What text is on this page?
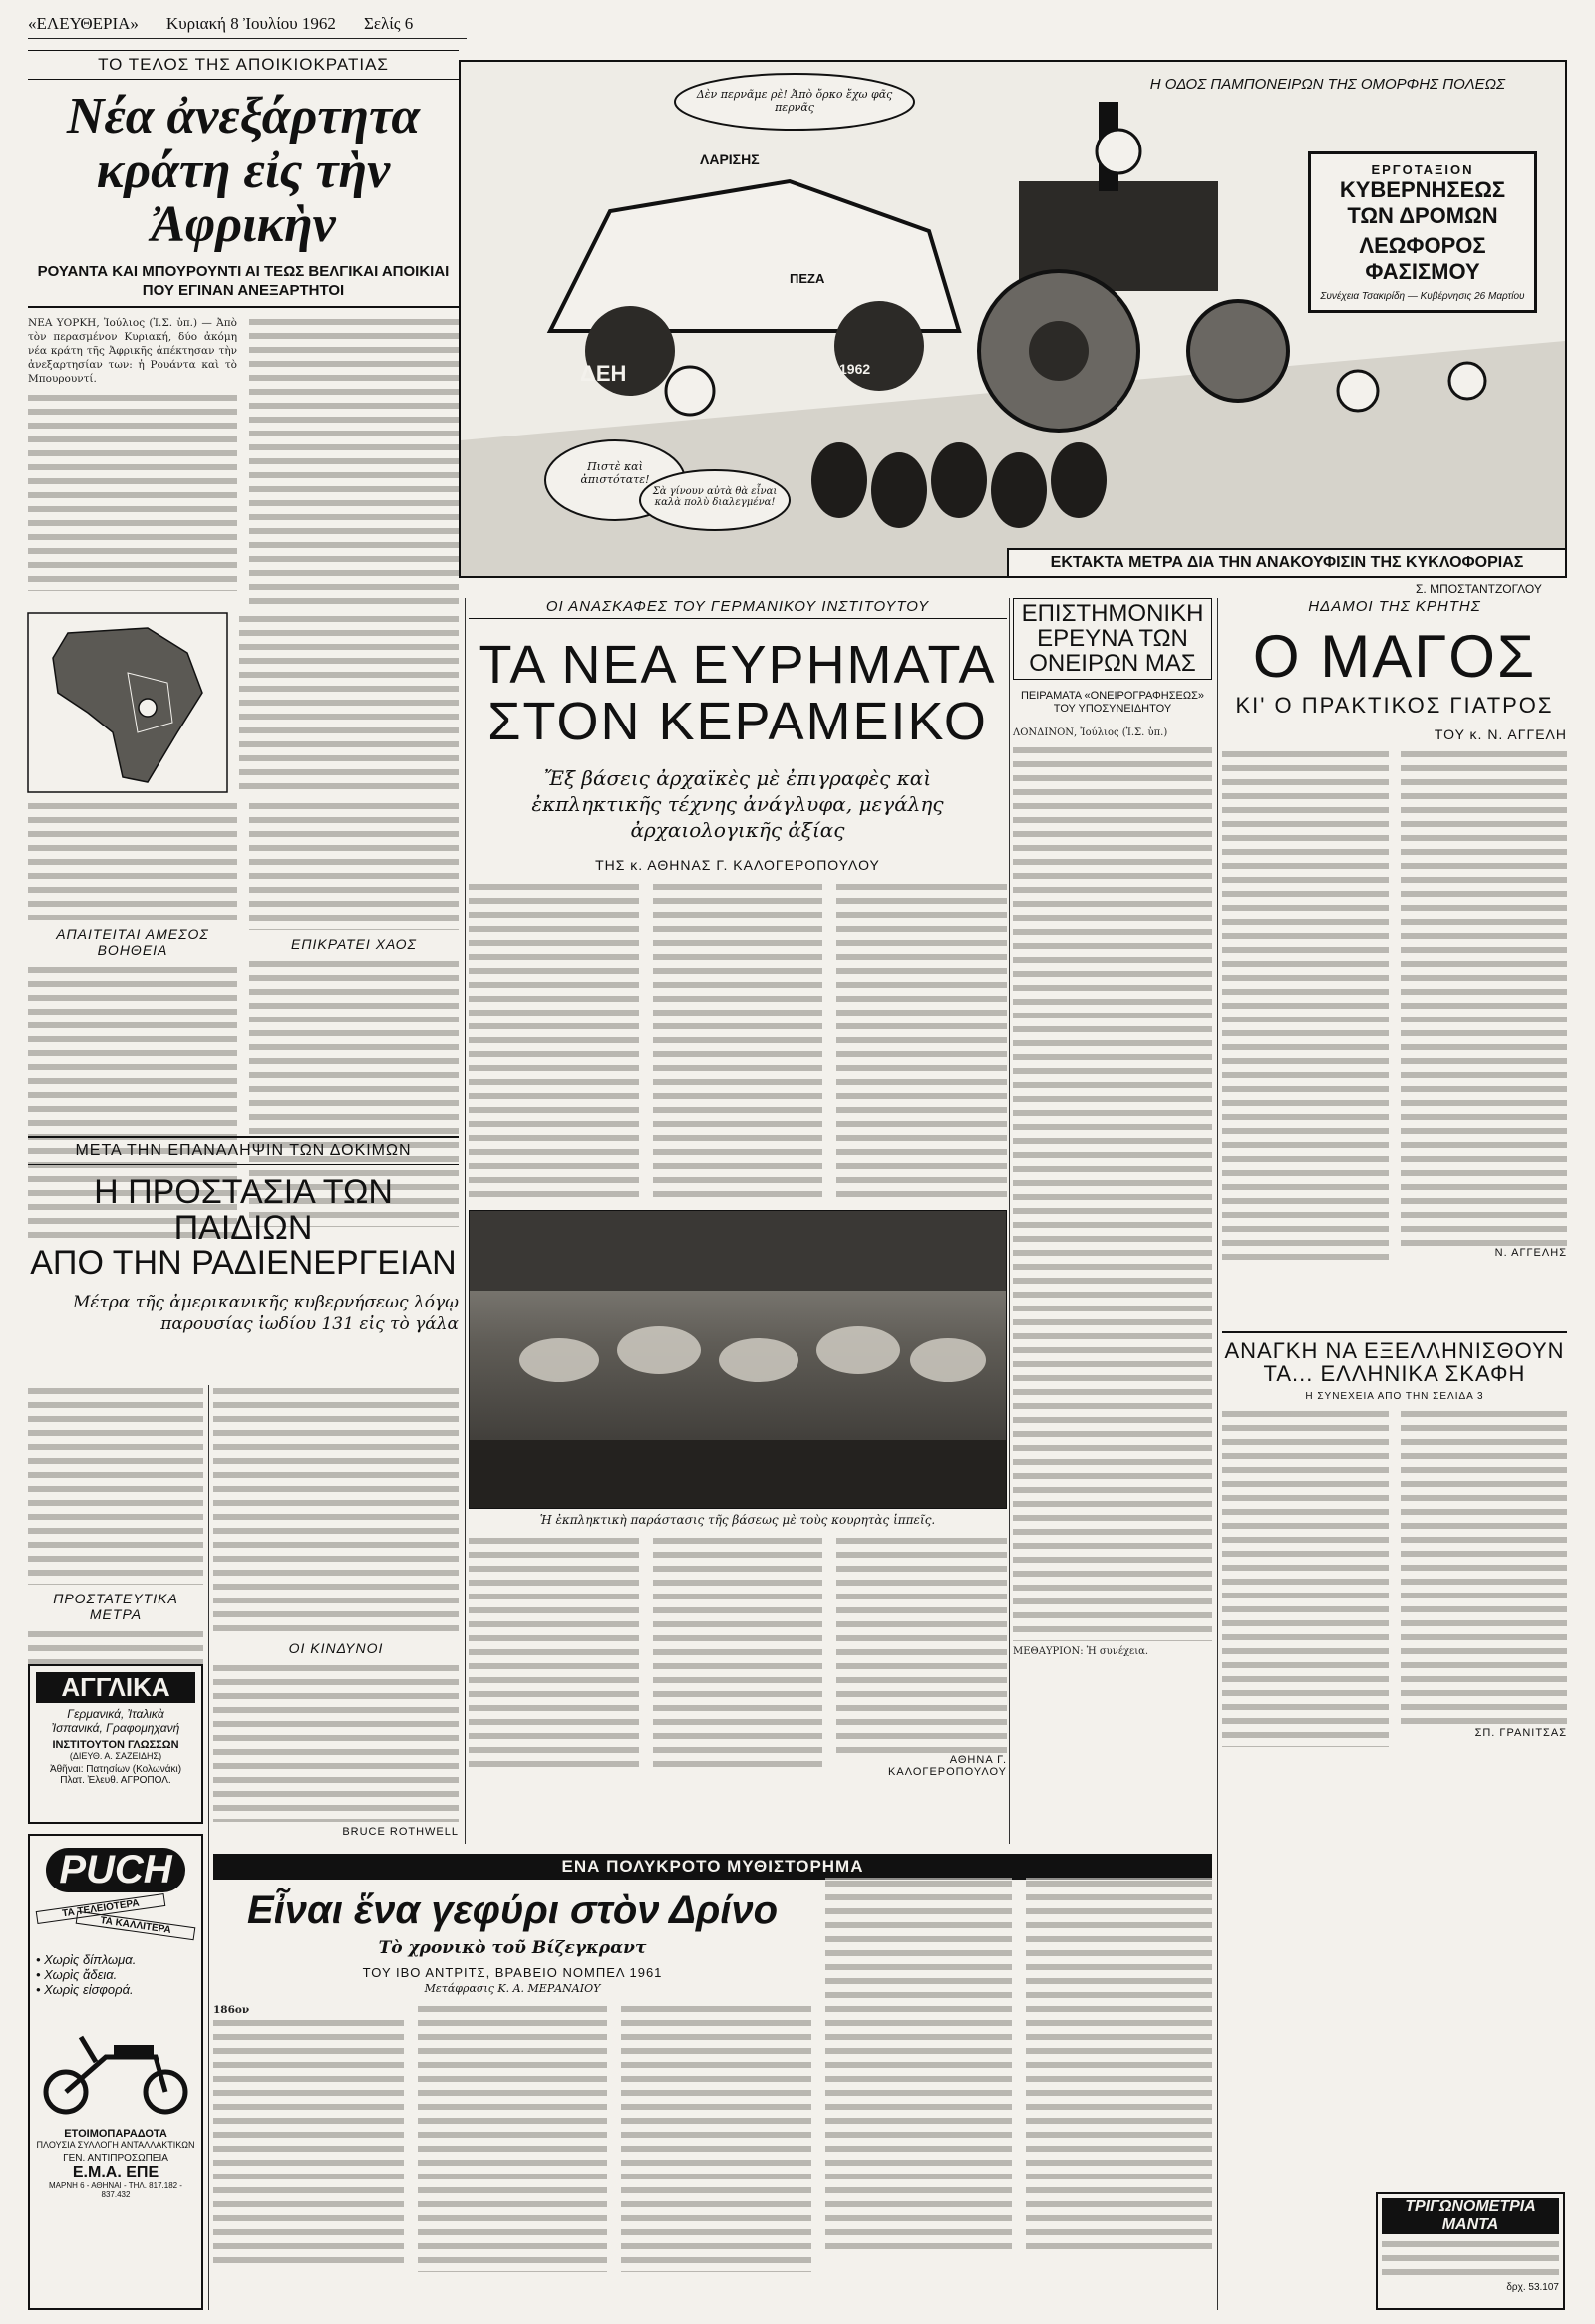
«ΕΛΕΥΘΕΡΙΑ» Κυριακή 8 Ἰουλίου 1962 Σελίς 6
ΤΟ ΤΕΛΟΣ ΤΗΣ ΑΠΟΙΚΙΟΚΡΑΤΙΑΣ
Νέα ἀνεξάρτητα κράτη εἰς τὴν Ἀφρικὴν
ΡΟΥΑΝΤΑ ΚΑΙ ΜΠΟΥΡΟΥΝΤΙ ΑΙ ΤΕΩΣ ΒΕΛΓΙΚΑΙ ΑΠΟΙΚΙΑΙ ΠΟΥ ΕΓΙΝΑΝ ΑΝΕΞΑΡΤΗΤΟΙ
ΝΕΑ ΥΟΡΚΗ, Ἰούλιος (Ἰ.Σ. ὑπ.) — Ἀπὸ τὸν περασμένον Κυριακή, δύο ἀκόμη νέα κράτη τῆς Ἀφρικῆς ἀπέκτησαν τὴν ἀνεξαρτησίαν των: ἡ Ρουάντα καὶ τὸ Μπουρουντί.
ΑΠΑΙΤΕΙΤΑΙ ΑΜΕΣΟΣ ΒΟΗΘΕΙΑ	ΕΠΙΚΡΑΤΕΙ ΧΑΟΣ
Η ΟΔΟΣ ΠΑΜΠΟΝΕΙΡΩΝ ΤΗΣ ΟΜΟΡΦΗΣ ΠΟΛΕΩΣ
Δὲν περνᾶμε ρὲ! Ἀπὸ ὄρκο ἔχω φᾶς περνᾶς
Πιστὲ καὶ ἀπιστότατε!
Σὰ γίνουν αὐτὰ θὰ εἶναι καλὰ πολὺ διαλεγμένα!
ΛΑΡΙΣΗΣ
ΔΕΗ
ΠΕΖΑ
1962
ΕΡΓΟΤΑΞΙΟΝ
ΚΥΒΕΡΝΗΣΕΩΣ
ΤΩΝ ΔΡΟΜΩΝ
ΛΕΩΦΟΡΟΣ
ΦΑΣΙΣΜΟΥ
Συνέχεια Τσακιρίδη — Κυβέρνησις 26 Μαρτίου
ΕΚΤΑΚΤΑ ΜΕΤΡΑ ΔΙΑ ΤΗΝ ΑΝΑΚΟΥΦΙΣΙΝ ΤΗΣ ΚΥΚΛΟΦΟΡΙΑΣ
Σ. ΜΠΟΣΤΑΝΤΖΟΓΛΟΥ
ΟΙ ΑΝΑΣΚΑΦΕΣ ΤΟΥ ΓΕΡΜΑΝΙΚΟΥ ΙΝΣΤΙΤΟΥΤΟΥ
ΤΑ ΝΕΑ ΕΥΡΗΜΑΤΑ
ΣΤΟΝ ΚΕΡΑΜΕΙΚΟ
Ἔξ βάσεις ἀρχαϊκὲς μὲ ἐπιγραφὲς καὶ ἐκπληκτικῆς τέχνης ἀνάγλυφα, μεγάλης ἀρχαιολογικῆς ἀξίας
ΤΗΣ κ. ΑΘΗΝΑΣ Γ. ΚΑΛΟΓΕΡΟΠΟΥΛΟΥ
Ἡ ἐκπληκτικὴ παράστασις τῆς βάσεως μὲ τοὺς κουρητὰς ἱππεῖς.
ΑΘΗΝΑ Γ. ΚΑΛΟΓΕΡΟΠΟΥΛΟΥ
ΕΠΙΣΤΗΜΟΝΙΚΗ ΕΡΕΥΝΑ ΤΩΝ ΟΝΕΙΡΩΝ ΜΑΣ
ΠΕΙΡΑΜΑΤΑ «ΟΝΕΙΡΟΓΡΑΦΗΣΕΩΣ» ΤΟΥ ΥΠΟΣΥΝΕΙΔΗΤΟΥ
ΛΟΝΔΙΝΟΝ, Ἰούλιος (Ἰ.Σ. ὑπ.)
ΜΕΘΑΥΡΙΟΝ: Ἡ συνέχεια.
ΗΔΑΜΟΙ ΤΗΣ ΚΡΗΤΗΣ
Ο ΜΑΓΟΣ
ΚΙ' Ο ΠΡΑΚΤΙΚΟΣ ΓΙΑΤΡΟΣ
ΤΟΥ κ. Ν. ΑΓΓΕΛΗ
Ν. ΑΓΓΕΛΗΣ
ΑΝΑΓΚΗ ΝΑ ΕΞΕΛΛΗΝΙΣΘΟΥΝ ΤΑ... ΕΛΛΗΝΙΚΑ ΣΚΑΦΗ
Η ΣΥΝΕΧΕΙΑ ΑΠΟ ΤΗΝ ΣΕΛΙΔΑ 3
ΣΠ. ΓΡΑΝΙΤΣΑΣ
ΜΕΤΑ ΤΗΝ ΕΠΑΝΑΛΗΨΙΝ ΤΩΝ ΔΟΚΙΜΩΝ
Η ΠΡΟΣΤΑΣΙΑ ΤΩΝ ΠΑΙΔΙΩΝ
ΑΠΟ ΤΗΝ ΡΑΔΙΕΝΕΡΓΕΙΑΝ
Μέτρα τῆς ἀμερικανικῆς κυβερνήσεως λόγῳ παρουσίας ἰωδίου 131 εἰς τὸ γάλα
ΠΡΟΣΤΑΤΕΥΤΙΚΑ ΜΕΤΡΑ
ΟΙ ΚΙΝΔΥΝΟΙ
BRUCE ROTHWELL
ΑΓΓΛΙΚΑ
Γερμανικά, Ἰταλικὰ
Ἰσπανικά, Γραφομηχανή
ΙΝΣΤΙΤΟΥΤΟΝ ΓΛΩΣΣΩΝ
(ΔΙΕΥΘ. Α. ΣΑΖΕΙΔΗΣ)
Ἀθῆναι: Πατησίων (Κολωνάκι)
Πλατ. Ἐλευθ. ΑΓΡΟΠΟΛ.
PUCH
ΤΑ ΤΕΛΕΙΟΤΕΡΑ
ΤΑ ΚΑΛΛΙΤΕΡΑ
• Χωρὶς δίπλωμα.
• Χωρὶς ἄδεια.
• Χωρὶς εἰσφορά.
ΕΤΟΙΜΟΠΑΡΑΔΟΤΑ
ΠΛΟΥΣΙΑ ΣΥΛΛΟΓΗ ΑΝΤΑΛΛΑΚΤΙΚΩΝ
ΓΕΝ. ΑΝΤΙΠΡΟΣΩΠΕΙΑ
Ε.Μ.Α. ΕΠΕ
ΜΑΡΝΗ 6 - ΑΘΗΝΑΙ - ΤΗΛ. 817.182 - 837.432
ΕΝΑ ΠΟΛΥΚΡΟΤΟ ΜΥΘΙΣΤΟΡΗΜΑ
Εἶναι ἕνα γεφύρι στὸν Δρίνο
Τὸ χρονικὸ τοῦ Βίζεγκραντ
ΤΟΥ ΙΒΟ ΑΝΤΡΙΤΣ, ΒΡΑΒΕΙΟ ΝΟΜΠΕΛ 1961
Μετάφρασις Κ. Α. ΜΕΡΑΝΑΙΟΥ
186ον
ΤΡΙΓΩΝΟΜΕΤΡΙΑ
ΜΑΝΤΑ
δρχ. 53.107
